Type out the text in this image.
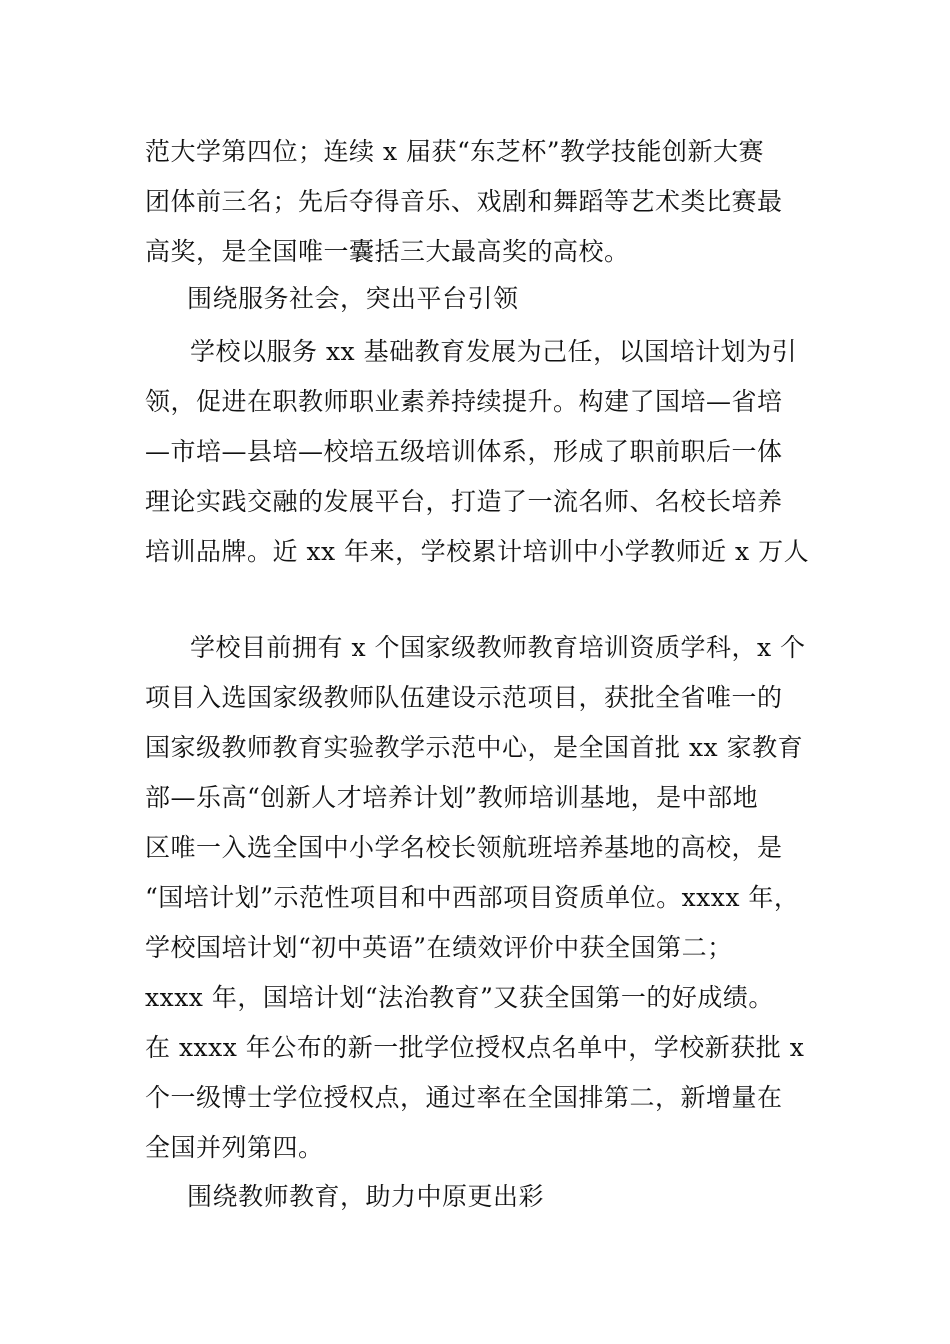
范大学第四位；连续 x 届获“东芝杯”教学技能创新大赛
团体前三名；先后夺得音乐、戏剧和舞蹈等艺术类比赛最
高奖，是全国唯一囊括三大最高奖的高校。
围绕服务社会，突出平台引领
学校以服务 xx 基础教育发展为己任，以国培计划为引
领，促进在职教师职业素养持续提升。构建了国培—省培
—市培—县培—校培五级培训体系，形成了职前职后一体
理论实践交融的发展平台，打造了一流名师、名校长培养
培训品牌。近 xx 年来，学校累计培训中小学教师近 x 万人
学校目前拥有 x 个国家级教师教育培训资质学科，x 个
项目入选国家级教师队伍建设示范项目，获批全省唯一的
国家级教师教育实验教学示范中心，是全国首批 xx 家教育
部—乐高“创新人才培养计划”教师培训基地，是中部地
区唯一入选全国中小学名校长领航班培养基地的高校，是
“国培计划”示范性项目和中西部项目资质单位。xxxx 年，
学校国培计划“初中英语”在绩效评价中获全国第二；
xxxx 年，国培计划“法治教育”又获全国第一的好成绩。
在 xxxx 年公布的新一批学位授权点名单中，学校新获批 x
个一级博士学位授权点，通过率在全国排第二，新增量在
全国并列第四。
围绕教师教育，助力中原更出彩
